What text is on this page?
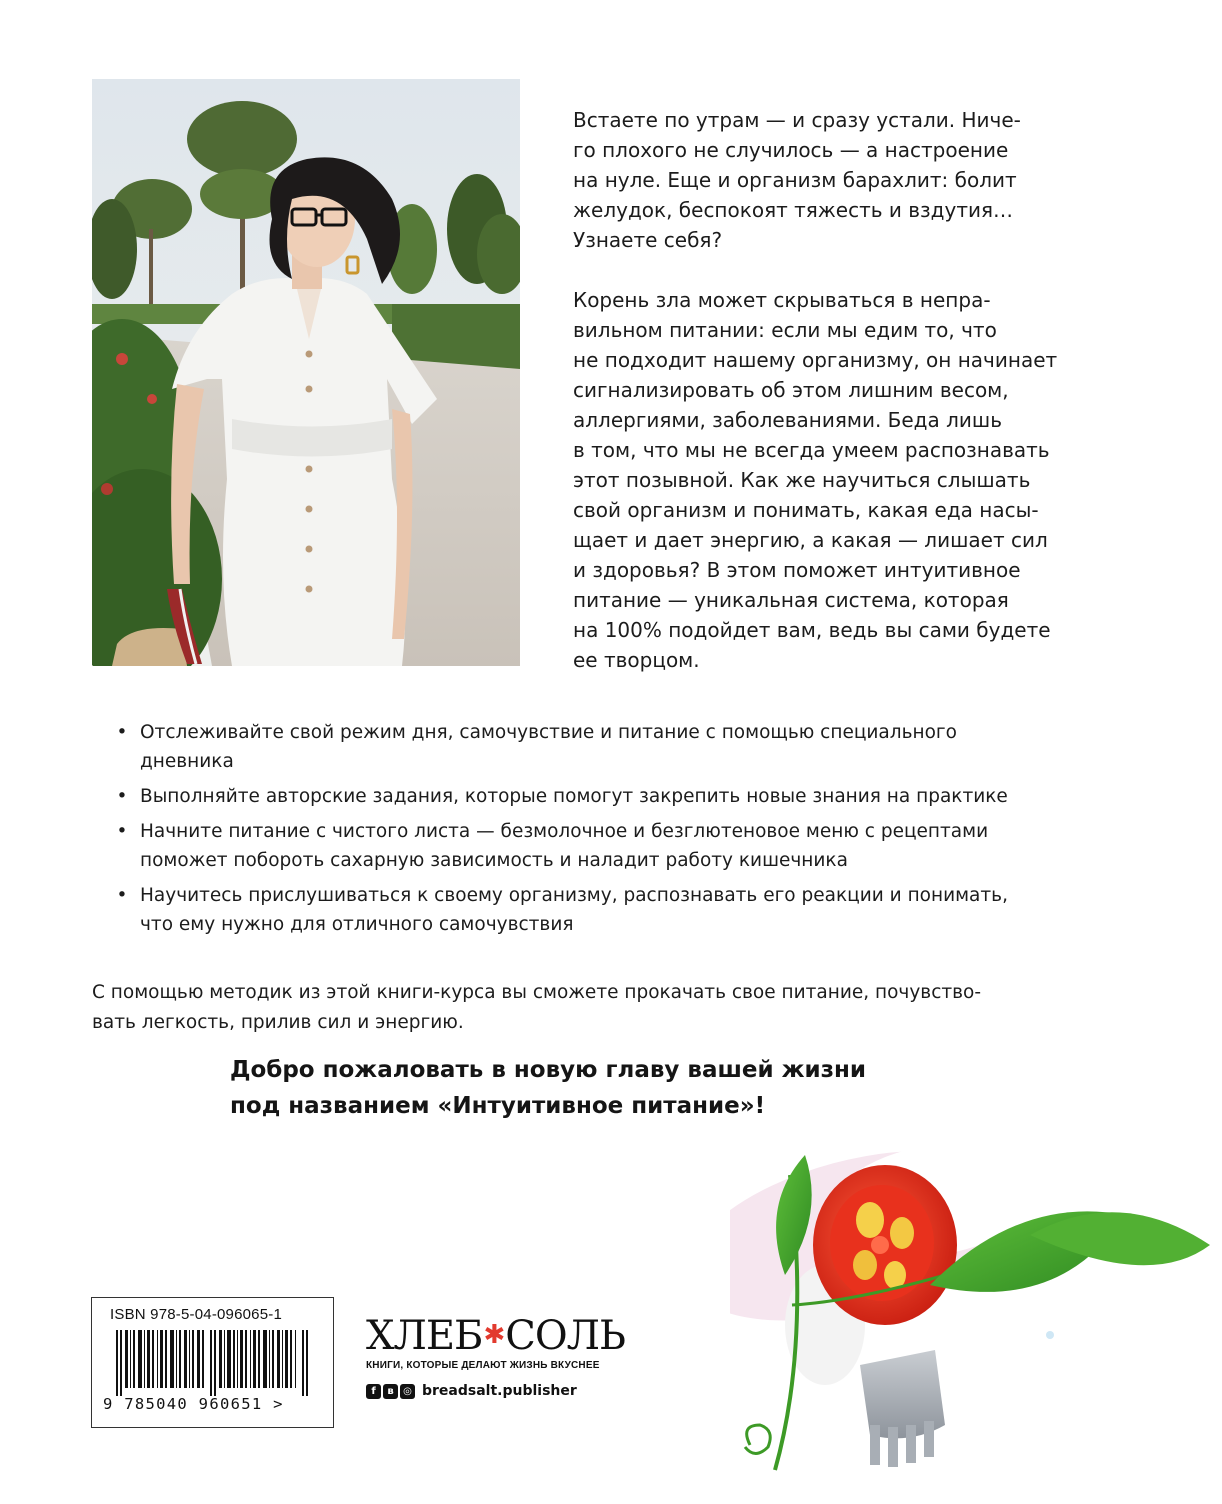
Встаете по утрам — и сразу устали. Ниче-
го плохого не случилось — а настроение
на нуле. Еще и организм барахлит: болит
желудок, беспокоят тяжесть и вздутия…
Узнаете себя?

Корень зла может скрываться в непра-
вильном питании: если мы едим то, что
не подходит нашему организму, он начинает
сигнализировать об этом лишним весом,
аллергиями, заболеваниями. Беда лишь
в том, что мы не всегда умеем распознавать
этот позывной. Как же научиться слышать
свой организм и понимать, какая еда насы-
щает и дает энергию, а какая — лишает сил
и здоровья? В этом поможет интуитивное
питание — уникальная система, которая
на 100% подойдет вам, ведь вы сами будете
ее творцом.

• Отслеживайте свой режим дня, самочувствие и питание с помощью специального
дневника
• Выполняйте авторские задания, которые помогут закрепить новые знания на практике
• Начните питание с чистого листа — безмолочное и безглютеновое меню с рецептами
поможет побороть сахарную зависимость и наладит работу кишечника
• Научитесь прислушиваться к своему организму, распознавать его реакции и понимать,
что ему нужно для отличного самочувствия
С помощью методик из этой книги-курса вы сможете прокачать свое питание, почувство-
вать легкость, прилив сил и энергию.
Добро пожаловать в новую главу вашей жизни
под названием «Интуитивное питание»!
ISBN 978-5-04-096065-1
9 785040 960651 >
ХЛЕБ✱СОЛЬ
КНИГИ, КОТОРЫЕ ДЕЛАЮТ ЖИЗНЬ ВКУСНЕЕ
f	в ◎ breadsalt.publisher
